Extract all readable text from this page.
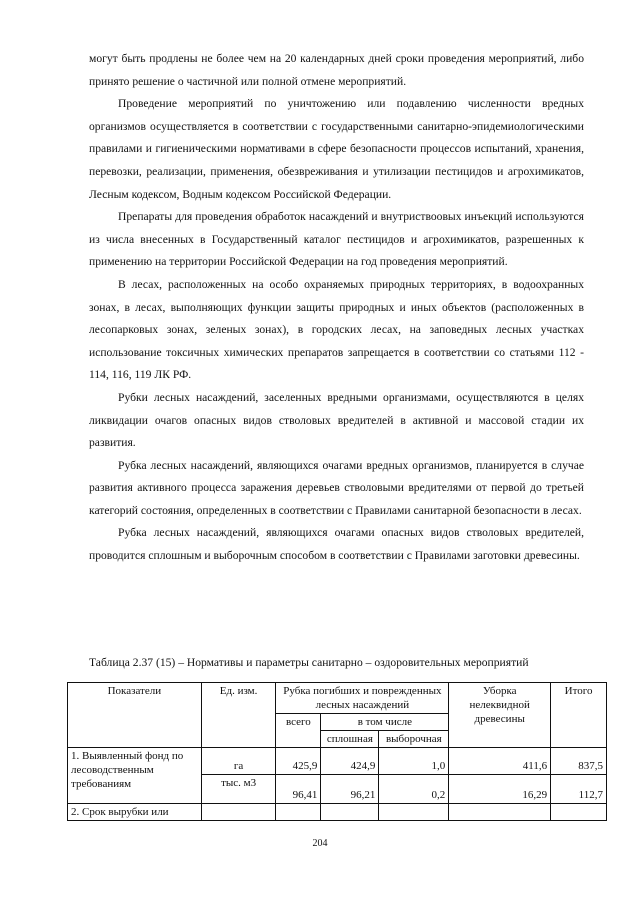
могут быть продлены не более чем на 20 календарных дней сроки проведения мероприятий, либо принято решение о частичной или полной отмене мероприятий.

Проведение мероприятий по уничтожению или подавлению численности вредных организмов осуществляется в соответствии с государственными санитарно-эпидемиологическими правилами и гигиеническими нормативами в сфере безопасности процессов испытаний, хранения, перевозки, реализации, применения, обезвреживания и утилизации пестицидов и агрохимикатов, Лесным кодексом, Водным кодексом Российской Федерации.

Препараты для проведения обработок насаждений и внутриствоовых инъекций используются из числа внесенных в Государственный каталог пестицидов и агрохимикатов, разрешенных к применению на территории Российской Федерации на год проведения мероприятий.

В лесах, расположенных на особо охраняемых природных территориях, в водоохранных зонах, в лесах, выполняющих функции защиты природных и иных объектов (расположенных в лесопарковых зонах, зеленых зонах), в городских лесах, на заповедных лесных участках использование токсичных химических препаратов запрещается в соответствии со статьями 112 - 114, 116, 119 ЛК РФ.

Рубки лесных насаждений, заселенных вредными организмами, осуществляются в целях ликвидации очагов опасных видов стволовых вредителей в активной и массовой стадии их развития.

Рубка лесных насаждений, являющихся очагами вредных организмов, планируется в случае развития активного процесса заражения деревьев стволовыми вредителями от первой до третьей категорий состояния, определенных в соответствии с Правилами санитарной безопасности в лесах.

Рубка лесных насаждений, являющихся очагами опасных видов стволовых вредителей, проводится сплошным и выборочным способом в соответствии с Правилами заготовки древесины.

Таблица 2.37 (15) – Нормативы и параметры санитарно – оздоровительных мероприятий
Показатели	Ед. изм.	Рубка погибших и поврежденных лесных насаждений			Уборка нелеквидной древесины	Итого
		всего	в том числе			
			сплошная	выборочная		
1. Выявленный фонд по лесоводственным требованиям	га	425,9	424,9	1,0	411,6	837,5
	тыс. м3	96,41	96,21	0,2	16,29	112,7
2. Срок вырубки или						
204
